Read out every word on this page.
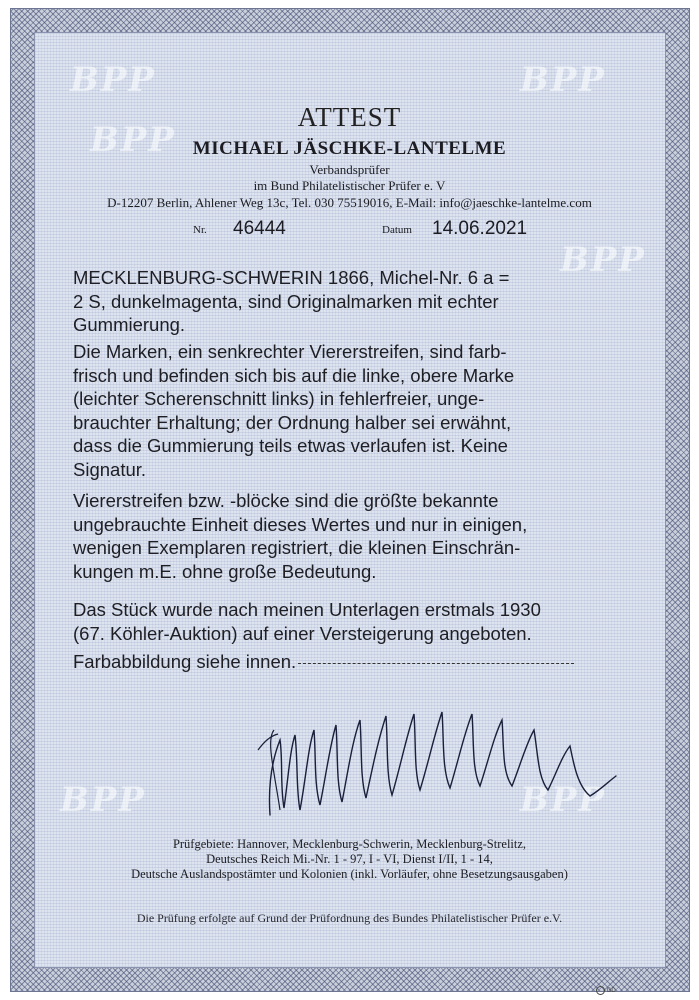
BPP	BPP
BPP
BPP
BPP	BPP
ATTEST
MICHAEL JÄSCHKE-LANTELME
Verbandsprüfer
im Bund Philatelistischer Prüfer e. V
D-12207 Berlin, Ahlener Weg 13c, Tel. 030 75519016, E-Mail: info@jaeschke-lantelme.com
Nr. 46444	Datum 14.06.2021
MECKLENBURG-SCHWERIN 1866, Michel-Nr. 6 a =
2 S, dunkelmagenta, sind Originalmarken mit echter
Gummierung.
Die Marken, ein senkrechter Viererstreifen, sind farb-
frisch und befinden sich bis auf die linke, obere Marke
(leichter Scherenschnitt links) in fehlerfreier, unge-
brauchter Erhaltung; der Ordnung halber sei erwähnt,
dass die Gummierung teils etwas verlaufen ist. Keine
Signatur.
Viererstreifen bzw. -blöcke sind die größte bekannte
ungebrauchte Einheit dieses Wertes und nur in einigen,
wenigen Exemplaren registriert, die kleinen Einschrän-
kungen m.E. ohne große Bedeutung.
Das Stück wurde nach meinen Unterlagen erstmals 1930
(67. Köhler-Auktion) auf einer Versteigerung angeboten.
Farbabbildung siehe innen.
Prüfgebiete: Hannover, Mecklenburg-Schwerin, Mecklenburg-Strelitz,
Deutsches Reich Mi.-Nr. 1 - 97, I - VI, Dienst I/II, 1 - 14,
Deutsche Auslandspostämter und Kolonien (inkl. Vorläufer, ohne Besetzungsausgaben)
Die Prüfung erfolgte auf Grund der Prüfordnung des Bundes Philatelistischer Prüfer e.V.
GD
